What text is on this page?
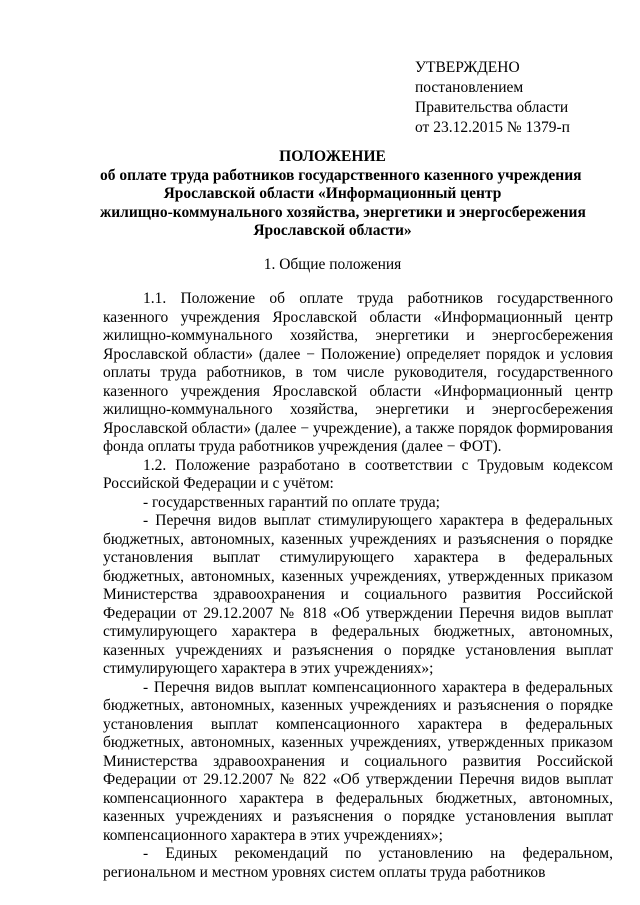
УТВЕРЖДЕНО
постановлением
Правительства области
от 23.12.2015 № 1379-п
ПОЛОЖЕНИЕ
об оплате труда работников государственного казенного учреждения
Ярославской области «Информационный центр
жилищно-коммунального хозяйства, энергетики и энергосбережения
Ярославской области»
1. Общие положения

1.1. Положение об оплате труда работников государственного казенного учреждения Ярославской области «Информационный центр жилищно-коммунального хозяйства, энергетики и энергосбережения Ярославской области» (далее − Положение) определяет порядок и условия оплаты труда работников, в том числе руководителя, государственного казенного учреждения Ярославской области «Информационный центр жилищно-коммунального хозяйства, энергетики и энергосбережения Ярославской области» (далее − учреждение), а также порядок формирования фонда оплаты труда работников учреждения (далее − ФОТ).

1.2. Положение разработано в соответствии с Трудовым кодексом Российской Федерации и с учётом:

- государственных гарантий по оплате труда;

- Перечня видов выплат стимулирующего характера в федеральных бюджетных, автономных, казенных учреждениях и разъяснения о порядке установления выплат стимулирующего характера в федеральных бюджетных, автономных, казенных учреждениях, утвержденных приказом Министерства здравоохранения и социального развития Российской Федерации от 29.12.2007 № 818 «Об утверждении Перечня видов выплат стимулирующего характера в федеральных бюджетных, автономных, казенных учреждениях и разъяснения о порядке установления выплат стимулирующего характера в этих учреждениях»;

- Перечня видов выплат компенсационного характера в федеральных бюджетных, автономных, казенных учреждениях и разъяснения о порядке установления выплат компенсационного характера в федеральных бюджетных, автономных, казенных учреждениях, утвержденных приказом Министерства здравоохранения и социального развития Российской Федерации от 29.12.2007 № 822 «Об утверждении Перечня видов выплат компенсационного характера в федеральных бюджетных, автономных, казенных учреждениях и разъяснения о порядке установления выплат компенсационного характера в этих учреждениях»;

- Единых рекомендаций по установлению на федеральном, региональном и местном уровнях систем оплаты труда работников
